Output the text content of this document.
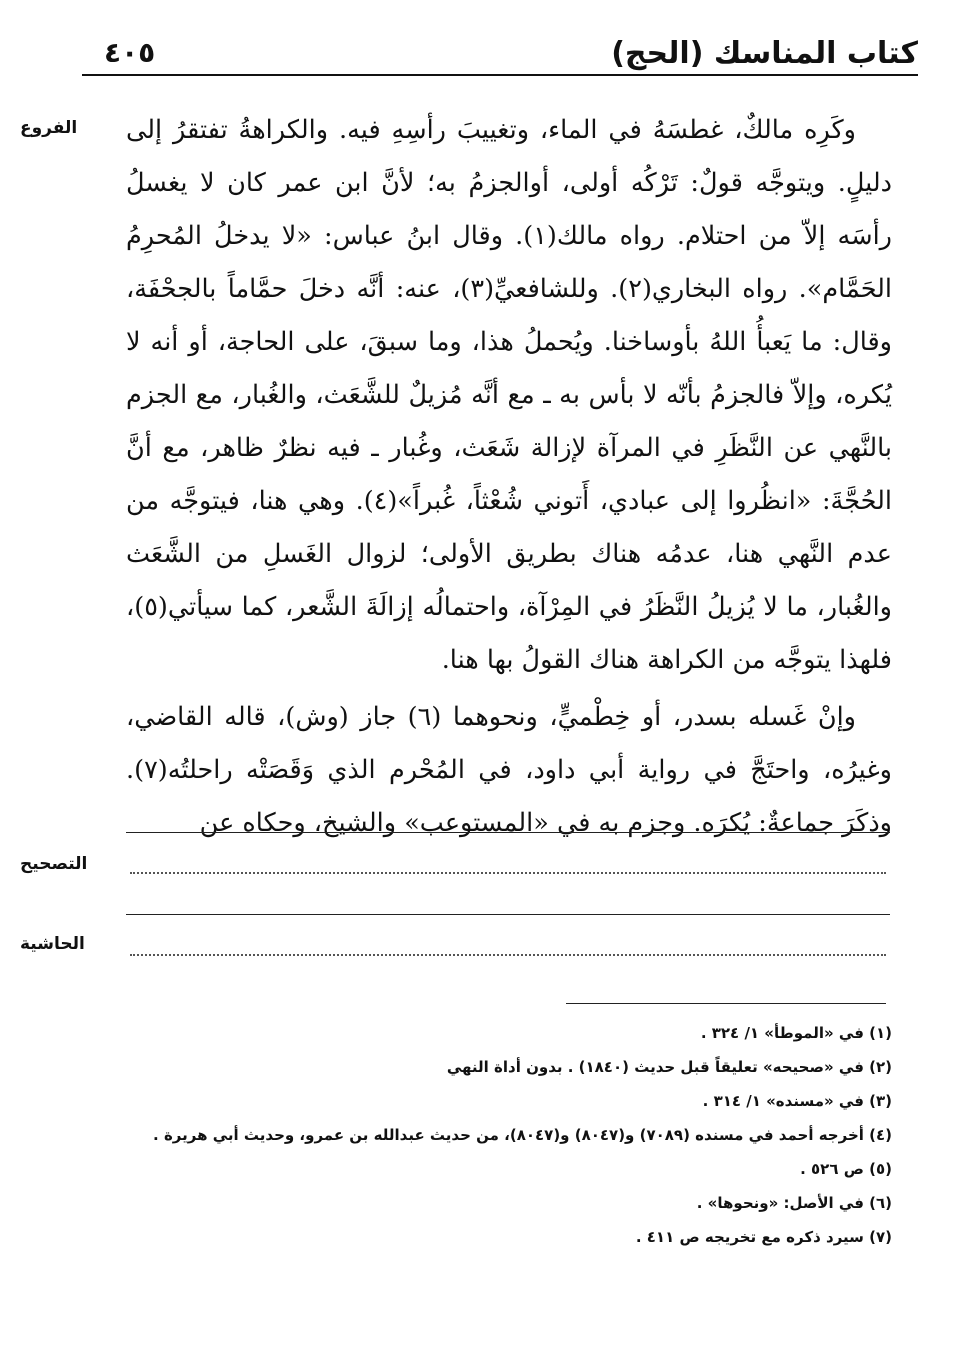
كتاب المناسك (الحج)
٤٠٥
الفروع وكَرِه مالكٌ، غطسَهُ في الماء، وتغييبَ رأسِهِ فيه. والكراهةُ تفتقرُ إلى دليلٍ. ويتوجَّه قولٌ: تَرْكُه أولى، أوالجزمُ به؛ لأنَّ ابن عمر كان لا يغسلُ رأسَه إلاّ من احتلام. رواه مالك(١). وقال ابنُ عباس: «لا يدخلُ المُحرِمُ الحَمَّام». رواه البخاري(٢). وللشافعيِّ(٣)، عنه: أنَّه دخلَ حمَّاماً بالجحْفَة، وقال: ما يَعبأُ اللهُ بأوساخنا. ويُحملُ هذا، وما سبقَ، على الحاجة، أو أنه لا يُكره، وإلاّ فالجزمُ بأنّه لا بأس به ـ مع أنَّه مُزيلٌ للشَّعَث، والغُبار، مع الجزم بالنَّهي عن النَّظَرِ في المرآة لإزالة شَعَث، وغُبار ـ فيه نظرٌ ظاهر، مع أنَّ الحُجَّةَ: «انظُروا إلى عبادي، أَتوني شُعْثاً، غُبراً»(٤). وهي هنا، فيتوجَّه من عدم النَّهي هنا، عدمُه هناك بطريق الأولى؛ لزوال الغَسلِ من الشَّعَث والغُبار، ما لا يُزيلُ النَّظَرُ في المِرْآة، واحتمالُه إزالَةَ الشَّعر، كما سيأتي(٥)، فلهذا يتوجَّه من الكراهة هناك القولُ بها هنا.

وإنْ غَسله بسدر، أو خِطْميٍّ، ونحوهما (٦) جاز (وش)، قاله القاضي، وغيرُه، واحتَجَّ في رواية أبي داود، في المُحْرم الذي وَقَصَتْه راحلتُه(٧). وذكَرَ جماعةٌ: يُكرَه. وجزم به في «المستوعب» والشيخ، وحكاه عن

التصحيح
الحاشية
(١) في «الموطأ» ١/ ٣٢٤ .
(٢) في «صحيحه» تعليقاً قبل حديث (١٨٤٠) . بدون أداة النهي
(٣) في «مسنده» ١/ ٣١٤ .
(٤) أخرجه أحمد في مسنده (٧٠٨٩) و(٨٠٤٧) و(٨٠٤٧)، من حديث عبدالله بن عمرو، وحديث أبي هريرة .
(٥) ص ٥٢٦ .
(٦) في الأصل: «ونحوها» .
(٧) سيرد ذكره مع تخريجه ص ٤١١ .
